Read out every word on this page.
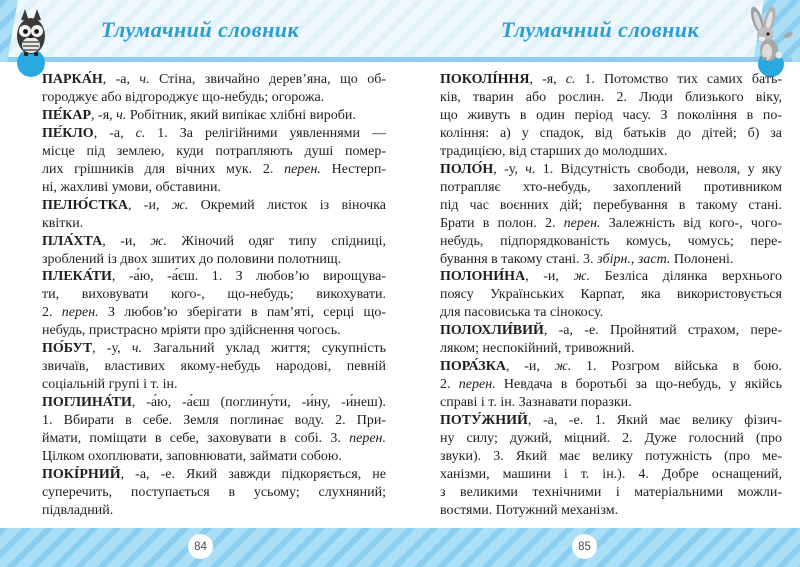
Тлумачний словник	Тлумачний словник
ПАРКА́Н, -а, ч. Стіна, звичайно дерев’яна, що об-
городжує або відгороджує що-небудь; огорожа.
ПЕ́КАР, -я, ч. Робітник, який випікає хлібні вироби.
ПЕ́КЛО, -а, с. 1. За релігійними уявленнями —
місце під землею, куди потрапляють душі помер-
лих грішників для вічних мук. 2. перен. Нестерп-
ні, жахливі умови, обставини.
ПЕЛЮ́СТКА, -и, ж. Окремий листок із віночка
квітки.
ПЛА́ХТА, -и, ж. Жіночий одяг типу спідниці,
зроблений із двох зшитих до половини полотнищ.
ПЛЕКА́ТИ, -а́ю, -а́єш. 1. З любов’ю вирощува-
ти, виховувати кого-, що-небудь; викохувати.
2. перен. З любов’ю зберігати в пам’яті, серці що-
небудь, пристрасно мріяти про здійснення чогось.
ПО́БУТ, -у, ч. Загальний уклад життя; сукупність
звичаїв, властивих якому-небудь народові, певній
соціальній групі і т. ін.
ПОГЛИНА́ТИ, -а́ю, -а́єш (поглину́ти, -и́ну, -и́неш).
1. Вбирати в себе. Земля поглинає воду. 2. При-
ймати, поміщати в себе, заховувати в собі. 3. перен.
Цілком охоплювати, заповнювати, займати собою.
ПОКІ́РНИЙ, -а, -е. Який завжди підкоряється, не
суперечить, поступається в усьому; слухняний;
підвладний.
ПОКОЛІ́ННЯ, -я, с. 1. Потомство тих самих бать-
ків, тварин або рослин. 2. Люди близького віку,
що живуть в один період часу. З покоління в по-
коління: а) у спадок, від батьків до дітей; б) за
традицією, від старших до молодших.
ПОЛО́Н, -у, ч. 1. Відсутність свободи, неволя, у яку
потрапляє хто-небудь, захоплений противником
під час воєнних дій; перебування в такому стані.
Брати в полон. 2. перен. Залежність від кого-, чого-
небудь, підпорядкованість комусь, чомусь; пере-
бування в такому стані. 3. збірн., заст. Полонені.
ПОЛОНИ́НА, -и, ж. Безліса ділянка верхнього
поясу Українських Карпат, яка використовується
для пасовиська та сінокосу.
ПОЛОХЛИ́ВИЙ, -а, -е. Пройнятий страхом, пере-
ляком; неспокійний, тривожний.
ПОРА́ЗКА, -и, ж. 1. Розгром війська в бою.
2. перен. Невдача в боротьбі за що-небудь, у якійсь
справі і т. ін. Зазнавати поразки.
ПОТУ́ЖНИЙ, -а, -е. 1. Який має велику фізич-
ну силу; дужий, міцний. 2. Дуже голосний (про
звуки). 3. Який має велику потужність (про ме-
ханізми, машини і т. ін.). 4. Добре оснащений,
з великими технічними і матеріальними можли-
востями. Потужний механізм.
84	85
